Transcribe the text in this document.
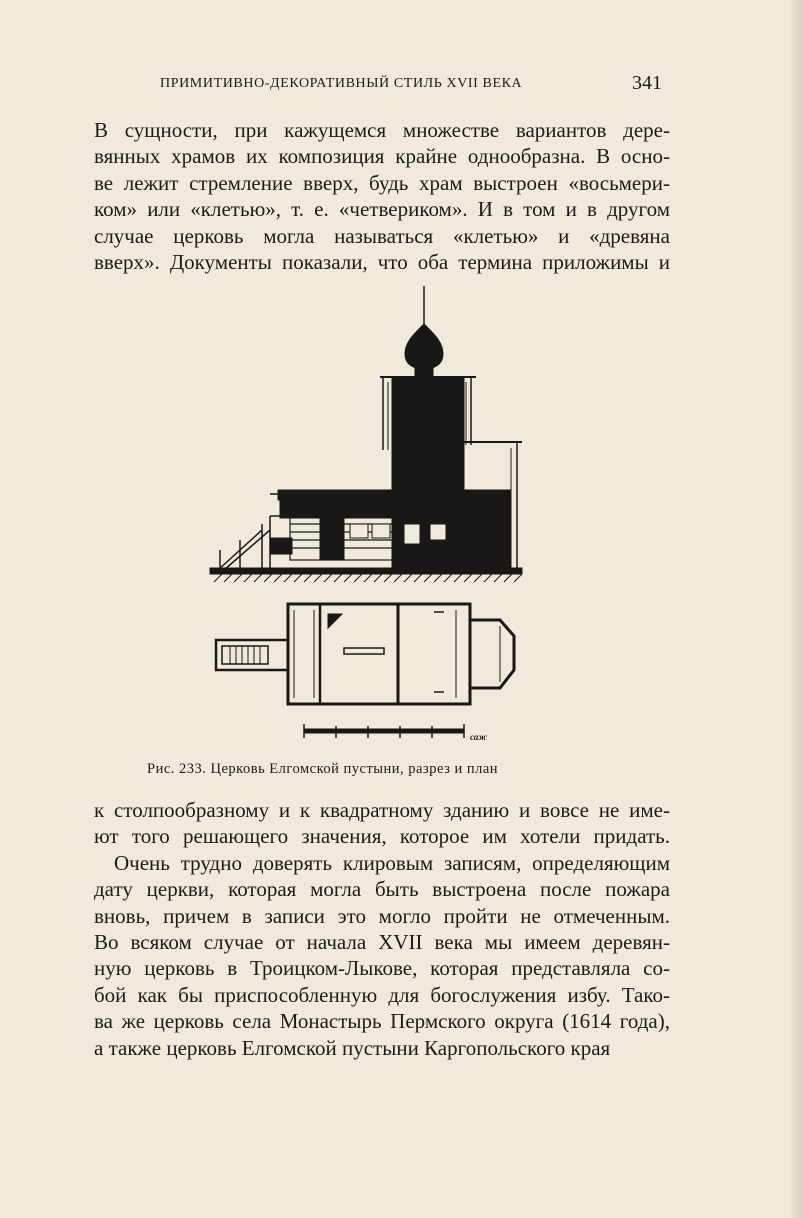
ПРИМИТИВНО-ДЕКОРАТИВНЫЙ СТИЛЬ XVII ВЕКА	341
В сущности, при кажущемся множестве вариантов дере-
вянных храмов их композиция крайне однообразна. В осно-
ве лежит стремление вверх, будь храм выстроен «восьмери-
ком» или «клетью», т. е. «четвериком». И в том и в другом
случае церковь могла называться «клетью» и «древяна
вверх». Документы показали, что оба термина приложимы и
саж
Рис. 233. Церковь Елгомской пустыни, разрез и план
к столпообразному и к квадратному зданию и вовсе не име-
ют того решающего значения, которое им хотели придать.
Очень трудно доверять клировым записям, определяющим
дату церкви, которая могла быть выстроена после пожара
вновь, причем в записи это могло пройти не отмеченным.
Во всяком случае от начала XVII века мы имеем деревян-
ную церковь в Троицком-Лыкове, которая представляла со-
бой как бы приспособленную для богослужения избу. Тако-
ва же церковь села Монастырь Пермского округа (1614 года),
а также церковь Елгомской пустыни Каргопольского края
